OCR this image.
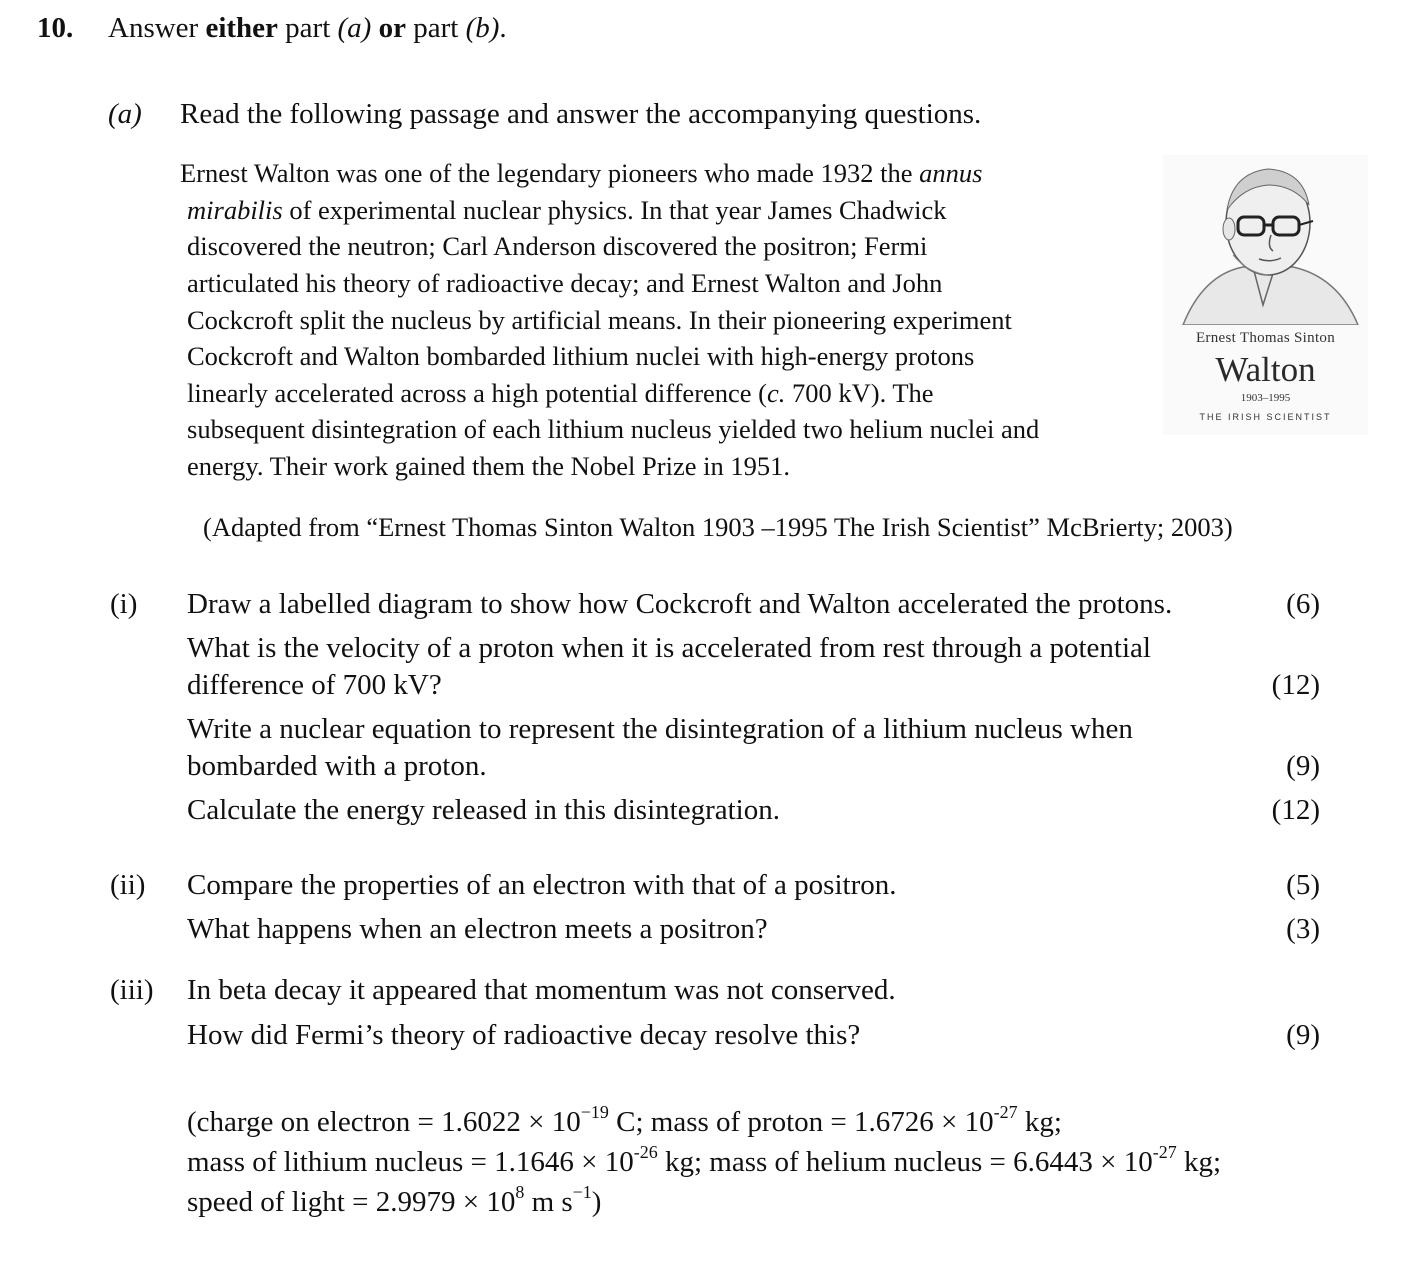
10. Answer either part (a) or part (b).
(a) Read the following passage and answer the accompanying questions.
Ernest Walton was one of the legendary pioneers who made 1932 the annus
mirabilis of experimental nuclear physics. In that year James Chadwick
discovered the neutron; Carl Anderson discovered the positron; Fermi
articulated his theory of radioactive decay; and Ernest Walton and John
Cockcroft split the nucleus by artificial means. In their pioneering experiment
Cockcroft and Walton bombarded lithium nuclei with high-energy protons
linearly accelerated across a high potential difference (c. 700 kV). The
subsequent disintegration of each lithium nucleus yielded two helium nuclei and
energy. Their work gained them the Nobel Prize in 1951.
(Adapted from “Ernest Thomas Sinton Walton 1903 –1995 The Irish Scientist” McBrierty; 2003)
Ernest Thomas Sinton
Walton
1903–1995
THE IRISH SCIENTIST
(i) Draw a labelled diagram to show how Cockcroft and Walton accelerated the protons.	(6)
What is the velocity of a proton when it is accelerated from rest through a potential
difference of 700 kV?	(12)
Write a nuclear equation to represent the disintegration of a lithium nucleus when
bombarded with a proton.	(9)
Calculate the energy released in this disintegration.	(12)
(ii) Compare the properties of an electron with that of a positron.	(5)
What happens when an electron meets a positron?	(3)
(iii) In beta decay it appeared that momentum was not conserved.
How did Fermi’s theory of radioactive decay resolve this?	(9)
(charge on electron = $1.6022 \times 10^{-19}$ C; mass of proton = $1.6726 \times 10^{-27}$ kg;
mass of lithium nucleus = $1.1646 \times 10^{-26}$ kg; mass of helium nucleus = $6.6443 \times 10^{-27}$ kg;
speed of light = $2.9979 \times 10^8$ m $s^{-1}$)
